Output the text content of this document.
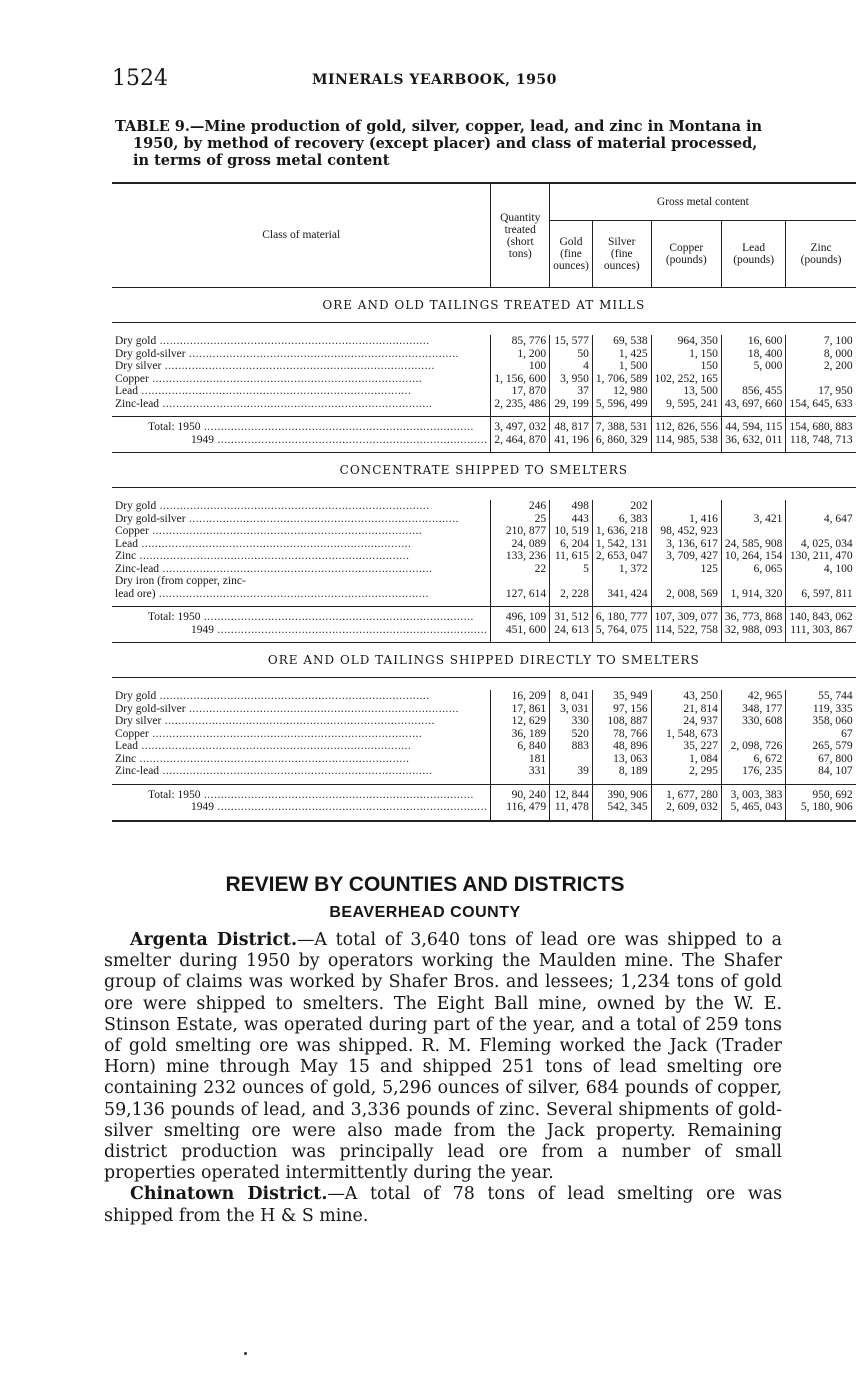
1524	MINERALS YEARBOOK, 1950
TABLE 9.—Mine production of gold, silver, copper, lead, and zinc in Montana in
1950, by method of recovery (except placer) and class of material processed,
in terms of gross metal content
Class of material	Quantity
treated
(short
tons)	Gross metal content				
		Gold
(fine
ounces)	Silver
(fine
ounces)	Copper
(pounds)	Lead
(pounds)	Zinc
(pounds)
ORE AND OLD TAILINGS TREATED AT MILLS						

Dry gold ................................................................................	85, 776	15, 577	69, 538	964, 350	16, 600	7, 100
Dry gold-silver ................................................................................	1, 200	50	1, 425	1, 150	18, 400	8, 000
Dry silver ................................................................................	100	4	1, 500	150	5, 000	2, 200
Copper ................................................................................	1, 156, 600	3, 950	1, 706, 589	102, 252, 165		
Lead ................................................................................	17, 870	37	12, 980	13, 500	856, 455	17, 950
Zinc-lead ................................................................................	2, 235, 486	29, 199	5, 596, 499	9, 595, 241	43, 697, 660	154, 645, 633
Total: 1950 ................................................................................	3, 497, 032	48, 817	7, 388, 531	112, 826, 556	44, 594, 115	154, 680, 883
1949 ................................................................................	2, 464, 870	41, 196	6, 860, 329	114, 985, 538	36, 632, 011	118, 748, 713
CONCENTRATE SHIPPED TO SMELTERS						

Dry gold ................................................................................	246	498	202			
Dry gold-silver ................................................................................	25	443	6, 383	1, 416	3, 421	4, 647
Copper ................................................................................	210, 877	10, 519	1, 636, 218	98, 452, 923		
Lead ................................................................................	24, 089	6, 204	1, 542, 131	3, 136, 617	24, 585, 908	4, 025, 034
Zinc ................................................................................	133, 236	11, 615	2, 653, 047	3, 709, 427	10, 264, 154	130, 211, 470
Zinc-lead ................................................................................	22	5	1, 372	125	6, 065	4, 100
Dry iron (from copper, zinc-						
lead ore) ................................................................................	127, 614	2, 228	341, 424	2, 008, 569	1, 914, 320	6, 597, 811
Total: 1950 ................................................................................	496, 109	31, 512	6, 180, 777	107, 309, 077	36, 773, 868	140, 843, 062
1949 ................................................................................	451, 600	24, 613	5, 764, 075	114, 522, 758	32, 988, 093	111, 303, 867
ORE AND OLD TAILINGS SHIPPED DIRECTLY TO SMELTERS						

Dry gold ................................................................................	16, 209	8, 041	35, 949	43, 250	42, 965	55, 744
Dry gold-silver ................................................................................	17, 861	3, 031	97, 156	21, 814	348, 177	119, 335
Dry silver ................................................................................	12, 629	330	108, 887	24, 937	330, 608	358, 060
Copper ................................................................................	36, 189	520	78, 766	1, 548, 673		67
Lead ................................................................................	6, 840	883	48, 896	35, 227	2, 098, 726	265, 579
Zinc ................................................................................	181		13, 063	1, 084	6, 672	67, 800
Zinc-lead ................................................................................	331	39	8, 189	2, 295	176, 235	84, 107
Total: 1950 ................................................................................	90, 240	12, 844	390, 906	1, 677, 280	3, 003, 383	950, 692
1949 ................................................................................	116, 479	11, 478	542, 345	2, 609, 032	5, 465, 043	5, 180, 906
REVIEW BY COUNTIES AND DISTRICTS
BEAVERHEAD COUNTY

Argenta District.—A total of 3,640 tons of lead ore was shipped to a smelter during 1950 by operators working the Maulden mine. The Shafer group of claims was worked by Shafer Bros. and lessees; 1,234 tons of gold ore were shipped to smelters. The Eight Ball mine, owned by the W. E. Stinson Estate, was operated during part of the year, and a total of 259 tons of gold smelting ore was shipped. R. M. Fleming worked the Jack (Trader Horn) mine through May 15 and shipped 251 tons of lead smelting ore containing 232 ounces of gold, 5,296 ounces of silver, 684 pounds of copper, 59,136 pounds of lead, and 3,336 pounds of zinc. Several shipments of gold-silver smelting ore were also made from the Jack property. Remaining district production was principally lead ore from a number of small properties operated intermittently during the year.

Chinatown District.—A total of 78 tons of lead smelting ore was shipped from the H & S mine.
